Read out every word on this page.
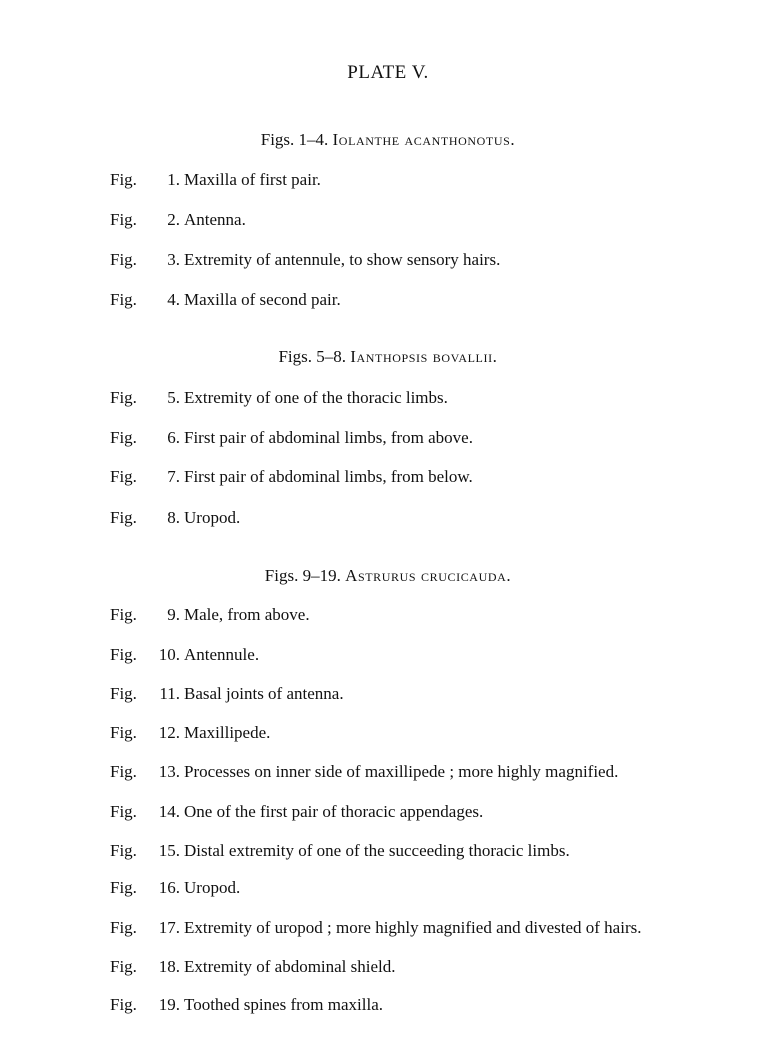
PLATE V.
Figs. 1–4. Iolanthe acanthonotus.
Fig. 1. Maxilla of first pair.
Fig. 2. Antenna.
Fig. 3. Extremity of antennule, to show sensory hairs.
Fig. 4. Maxilla of second pair.
Figs. 5–8. Ianthopsis bovallii.
Fig. 5. Extremity of one of the thoracic limbs.
Fig. 6. First pair of abdominal limbs, from above.
Fig. 7. First pair of abdominal limbs, from below.
Fig. 8. Uropod.
Figs. 9–19. Astrurus crucicauda.
Fig. 9. Male, from above.
Fig. 10. Antennule.
Fig. 11. Basal joints of antenna.
Fig. 12. Maxillipede.
Fig. 13. Processes on inner side of maxillipede ; more highly magnified.
Fig. 14. One of the first pair of thoracic appendages.
Fig. 15. Distal extremity of one of the succeeding thoracic limbs.
Fig. 16. Uropod.
Fig. 17. Extremity of uropod ; more highly magnified and divested of hairs.
Fig. 18. Extremity of abdominal shield.
Fig. 19. Toothed spines from maxilla.
